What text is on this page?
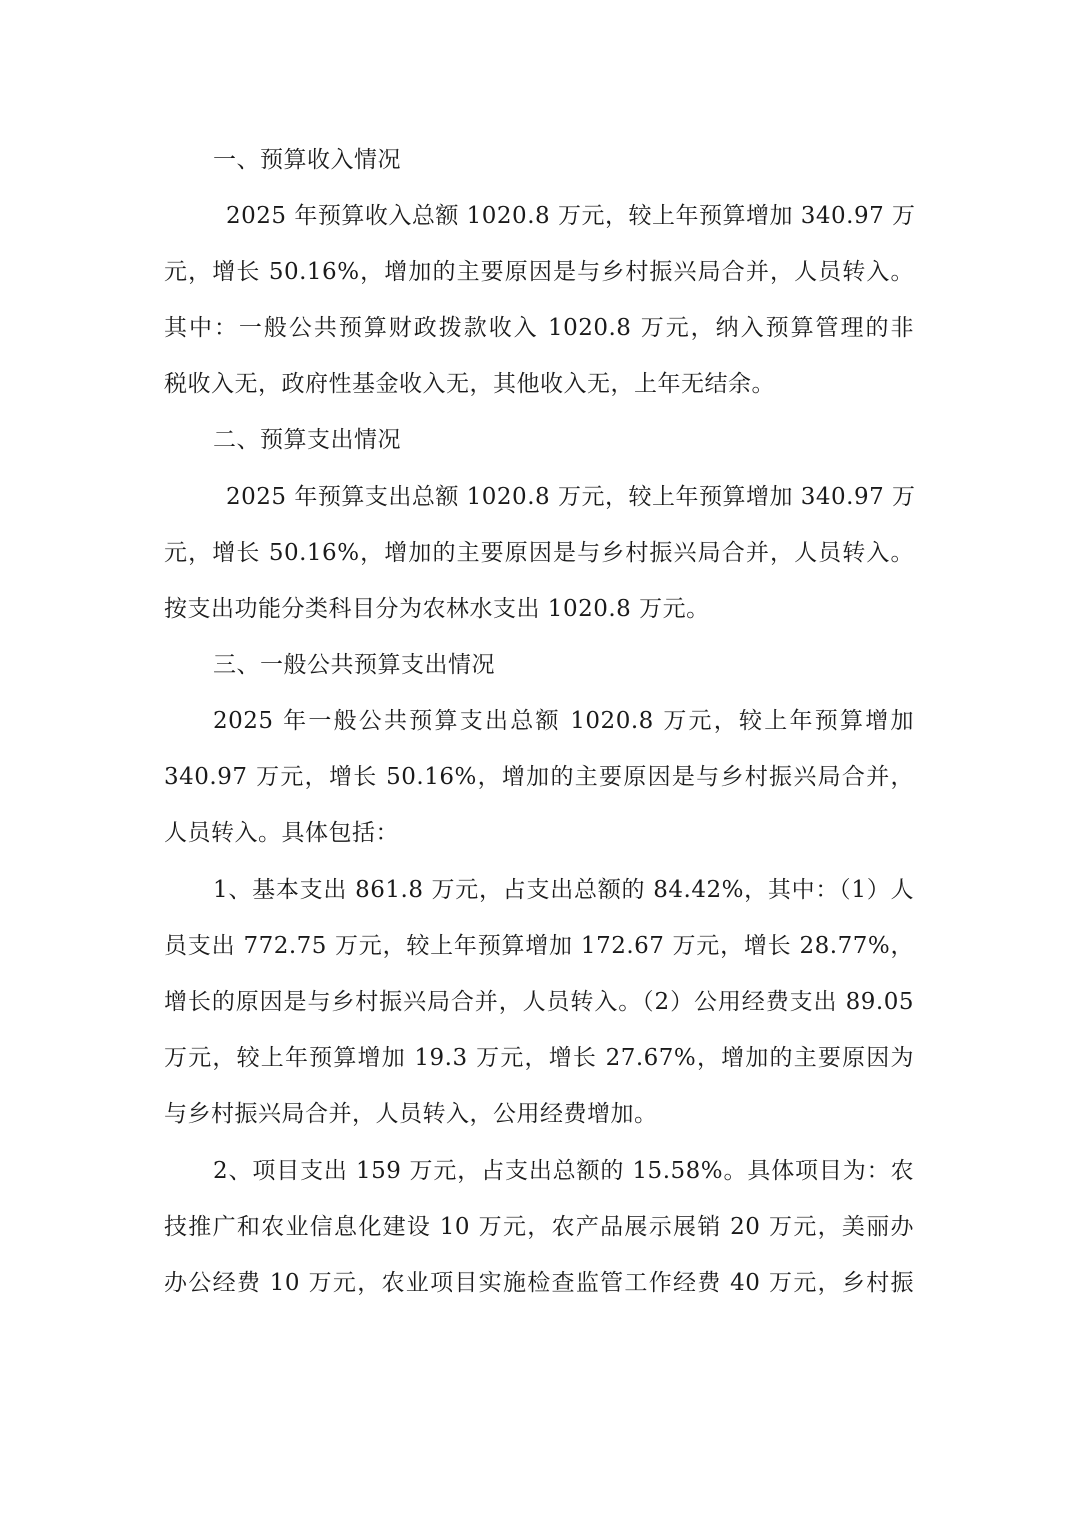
一、预算收入情况
2025 年预算收入总额 1020.8 万元，较上年预算增加 340.97 万
元，增长 50.16%，增加的主要原因是与乡村振兴局合并，人员转入。
其中：一般公共预算财政拨款收入 1020.8 万元，纳入预算管理的非
税收入无，政府性基金收入无，其他收入无，上年无结余。
二、预算支出情况
2025 年预算支出总额 1020.8 万元，较上年预算增加 340.97 万
元，增长 50.16%，增加的主要原因是与乡村振兴局合并，人员转入。
按支出功能分类科目分为农林水支出 1020.8 万元。
三、一般公共预算支出情况
2025 年一般公共预算支出总额 1020.8 万元，较上年预算增加
340.97 万元，增长 50.16%，增加的主要原因是与乡村振兴局合并，
人员转入。具体包括：
1、基本支出 861.8 万元，占支出总额的 84.42%，其中：（1）人
员支出 772.75 万元，较上年预算增加 172.67 万元，增长 28.77%，
增长的原因是与乡村振兴局合并，人员转入。（2）公用经费支出 89.05
万元，较上年预算增加 19.3 万元，增长 27.67%，增加的主要原因为
与乡村振兴局合并，人员转入，公用经费增加。
2、项目支出 159 万元，占支出总额的 15.58%。具体项目为：农
技推广和农业信息化建设 10 万元，农产品展示展销 20 万元，美丽办
办公经费 10 万元，农业项目实施检查监管工作经费 40 万元，乡村振
